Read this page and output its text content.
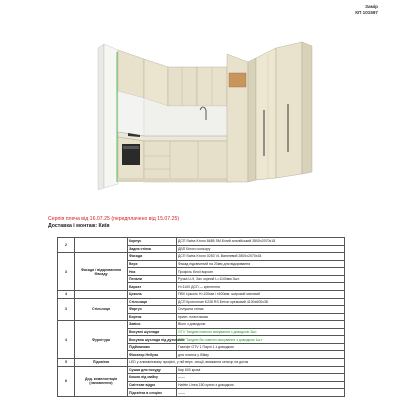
Замір
КП 101597
Серпія плеча від 16.07.25 (передплачено від 15.07.25)
Доставка і монтаж: Київ
2		Корпус	ДСП Swiss Krono 8685 SM Білий альпійський 2800х2070х18
		Задня стінка	ДВП Білого кольору
3	Фасади / відкриванння Фасаду	Фасади	ДСП Swiss Krono 0253 VL Ванілевий 2800х2070х18
		Верх	Фасад підсвічений на 20мм для відкривання
		Низ	Профіль білої ворсин
		Пенали	Ручка U-9, Зах чорний L=1100мм 3шт.
		Бархат	H=1100 ДСП — кріплення
4		Цоколь	ПВХ Цоколь H=100мм і ±600мм. широкий матовий
3	Стільниця	Стільниця	ДСП Кронсплан K228 RS Бетон кремовий 4100х600х38
		Фартух	Сплушна стінка
		Бортик	присп. пластикова
4	Фурнітура	Завіси	Blum з доводкою
		Висувні шухляди	GTV Тандем повного висування з доводкою 3шт
		Висувна шухляда під духовкою	GTV Тандем бік повного висування з доводкою 1шт.
		Підйомники	Газліфт GTV 1 Парні 1 з доводкою
		Фіксатор Небула	для планок у бійму
5	Підсвітка	LED у алюмінієвому профілі, у ній верх. секції, вмикання сенсор на дотик	
6	Дод. комплектація (наповнення)	Сушка для посуду	Кар 600 кромі
		Кошик під мийку	——
		Сміттєве відро	Hafele Linea 150 кухни з доводкою
		Підсвітка в секціях	——
